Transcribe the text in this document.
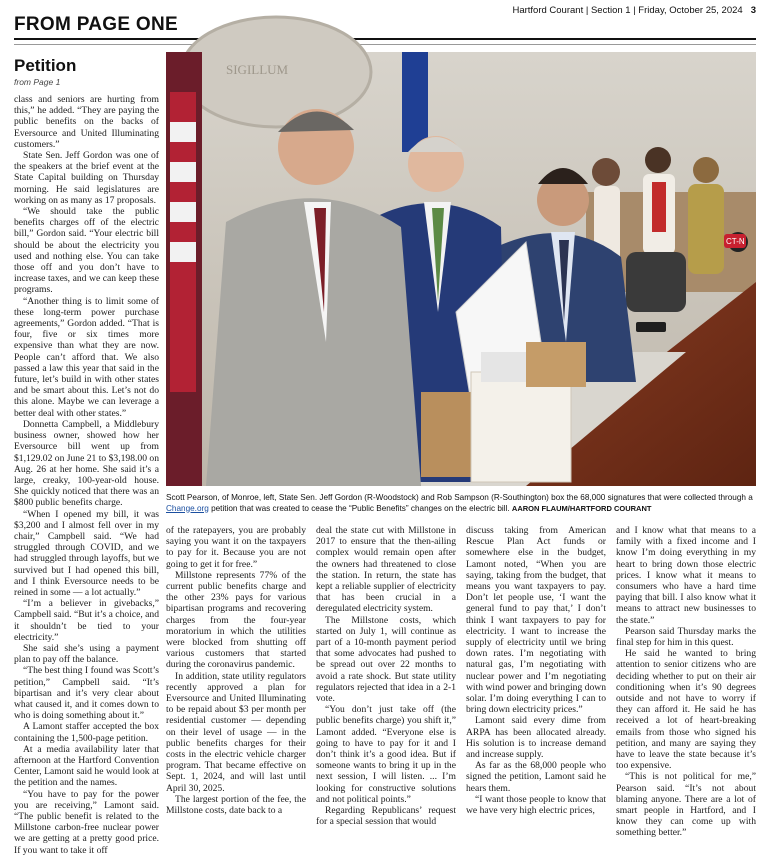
FROM PAGE ONE
Hartford Courant | Section 1 | Friday, October 25, 2024 3
Petition
from Page 1

class and seniors are hurting from this,” he added. “They are paying the public benefits on the backs of Eversource and United Illuminating customers.”

State Sen. Jeff Gordon was one of the speakers at the brief event at the State Capital building on Thursday morning. He said legislatures are working on as many as 17 proposals.

“We should take the public benefits charges off of the electric bill,” Gordon said. “Your electric bill should be about the electricity you used and nothing else. You can take those off and you don’t have to increase taxes, and we can keep these programs.

“Another thing is to limit some of these long-term power purchase agreements,” Gordon added. “That is four, five or six times more expensive than what they are now. People can’t afford that. We also passed a law this year that said in the future, let’s build in with other states and be smart about this. Let’s not do this alone. Maybe we can leverage a better deal with other states.”

Donnetta Campbell, a Middlebury business owner, showed how her Eversource bill went up from $1,129.02 on June 21 to $3,198.00 on Aug. 26 at her home. She said it’s a large, creaky, 100-year-old house. She quickly noticed that there was an $800 public benefits charge.

“When I opened my bill, it was $3,200 and I almost fell over in my chair,” Campbell said. “We had struggled through COVID, and we had struggled through layoffs, but we survived but I had opened this bill, and I think Eversource needs to be reined in some — a lot actually.”

“I’m a believer in givebacks,” Campbell said. “But it’s a choice, and it shouldn’t be tied to your electricity.”

She said she’s using a payment plan to pay off the balance.

“The best thing I found was Scott’s petition,” Campbell said. “It’s bipartisan and it’s very clear about what caused it, and it comes down to who is doing something about it.”

A Lamont staffer accepted the box containing the 1,500-page petition.

At a media availability later that afternoon at the Hartford Convention Center, Lamont said he would look at the petition and the names.

“You have to pay for the power you are receiving,” Lamont said. “The public benefit is related to the Millstone carbon-free nuclear power we are getting at a pretty good price. If you want to take it off

SIGILLUM
CT-N
Scott Pearson, of Monroe, left, State Sen. Jeff Gordon (R-Woodstock) and Rob Sampson (R-Southington) box the 68,000 signatures that were collected through a Change.org petition that was created to cease the “Public Benefits” changes on the electric bill. AARON FLAUM/HARTFORD COURANT

of the ratepayers, you are probably saying you want it on the taxpayers to pay for it. Because you are not going to get it for free.”

Millstone represents 77% of the current public benefits charge and the other 23% pays for various bipartisan programs and recovering charges from the four-year moratorium in which the utilities were blocked from shutting off various customers that started during the coronavirus pandemic.

In addition, state utility regulators recently approved a plan for Eversource and United Illuminating to be repaid about $3 per month per residential customer — depending on their level of usage — in the public benefits charges for their costs in the electric vehicle charger program. That became effective on Sept. 1, 2024, and will last until April 30, 2025.

The largest portion of the fee, the Millstone costs, date back to a

deal the state cut with Millstone in 2017 to ensure that the then-ailing complex would remain open after the owners had threatened to close the station. In return, the state has kept a reliable supplier of electricity that has been crucial in a deregulated electricity system.

The Millstone costs, which started on July 1, will continue as part of a 10-month payment period that some advocates had pushed to be spread out over 22 months to avoid a rate shock. But state utility regulators rejected that idea in a 2-1 vote.

“You don’t just take off (the public benefits charge) you shift it,” Lamont added. “Everyone else is going to have to pay for it and I don’t think it’s a good idea. But if someone wants to bring it up in the next session, I will listen. ... I’m looking for constructive solutions and not political points.”

Regarding Republicans’ request for a special session that would

discuss taking from American Rescue Plan Act funds or somewhere else in the budget, Lamont noted, “When you are saying, taking from the budget, that means you want taxpayers to pay. Don’t let people use, ‘I want the general fund to pay that,’ I don’t think I want taxpayers to pay for electricity. I want to increase the supply of electricity until we bring down rates. I’m negotiating with natural gas, I’m negotiating with nuclear power and I’m negotiating with wind power and bringing down solar. I’m doing everything I can to bring down electricity prices.”

Lamont said every dime from ARPA has been allocated already. His solution is to increase demand and increase supply.

As far as the 68,000 people who signed the petition, Lamont said he hears them.

“I want those people to know that we have very high electric prices,

and I know what that means to a family with a fixed income and I know I’m doing everything in my heart to bring down those electric prices. I know what it means to consumers who have a hard time paying that bill. I also know what it means to attract new businesses to the state.”

Pearson said Thursday marks the final step for him in this quest.

He said he wanted to bring attention to senior citizens who are deciding whether to put on their air conditioning when it’s 90 degrees outside and not have to worry if they can afford it. He said he has received a lot of heart-breaking emails from those who signed his petition, and many are saying they have to leave the state because it’s too expensive.

“This is not political for me,” Pearson said. “It’s not about blaming anyone. There are a lot of smart people in Hartford, and I know they can come up with something better.”
